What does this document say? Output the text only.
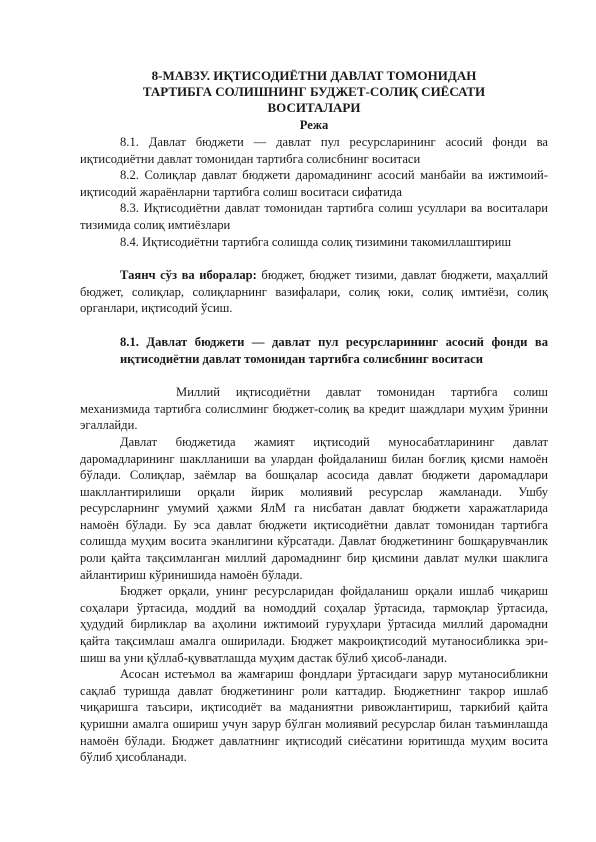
8-МАВЗУ. ИҚТИСОДИЁТНИ ДАВЛАТ ТОМОНИДАН
ТАРТИБГА СОЛИШНИНГ БУДЖЕТ-СОЛИҚ СИЁСАТИ
ВОСИТАЛАРИ
Режа

8.1. Давлат бюджети — давлат пул ресурсларининг асосий фонди ва иқтисодиётни давлат томонидан тартибга солисбнинг воситаси

8.2. Солиқлар давлат бюджети даромадининг асосий манбайи ва ижтимоий-иқтисодий жараёнларни тартибга солиш воситаси сифатида

8.3. Иқтисодиётни давлат томонидан тартибга солиш усуллари ва воситалари тизимида солиқ имтиёзлари

8.4. Иқтисодиётни тартибга солишда солиқ тизимини такомиллаштириш

Таянч сўз ва иборалар: бюджет, бюджет тизими, давлат бюджети, маҳаллий бюджет, солиқлар, солиқларнинг вазифалари, солиқ юки, солиқ имтиёзи, солиқ органлари, иқтисодий ўсиш.

8.1. Давлат бюджети — давлат пул ресурсларининг асосий фонди ва иқтисодиётни давлат томонидан тартибга солисбнинг воситаси

Миллий иқтисодиётни давлат томонидан тартибга солиш механизмида тартибга солислминг бюджет-солиқ ва кредит шаждлари муҳим ўринни эгаллайди.

Давлат бюджетида жамият иқтисодий муносабатларининг давлат даромадларининг шаклланиши ва улардан фойдаланиш билан боғлиқ қисми намоён бўлади. Солиқлар, заёмлар ва бошқалар асосида давлат бюджети даромадлари шакллантирилиши орқали йирик молиявий ресурслар жамланади. Ушбу ресурсларнинг умумий ҳажми ЯлМ га нисбатан давлат бюджети харажатларида намоён бўлади. Бу эса давлат бюджети иқтисодиётни давлат томонидан тартибга солишда муҳим восита эканлигини кўрсатади. Давлат бюджетининг бошқарувчанлик роли қайта тақсимланган миллий даромаднинг бир қисмини давлат мулки шаклига айлантириш кўринишида намоён бўлади.

Бюджет орқали, унинг ресурсларидан фойдаланиш орқали ишлаб чиқариш соҳалари ўртасида, моддий ва номоддий соҳалар ўртасида, тармоқлар ўртасида, ҳудудий бирликлар ва аҳолини ижтимоий гуруҳлари ўртасида миллий даромадни қайта тақсимлаш амалга оширилади. Бюджет макроиқтисодий мутаносибликка эри-шиш ва уни қўллаб-қувватлашда муҳим дастак бўлиб ҳисоб-ланади.

Асосан истеъмол ва жамғариш фондлари ўртасидаги зарур мутаносибликни сақлаб туришда давлат бюджетининг роли каттадир. Бюджетнинг такрор ишлаб чиқаришга таъсири, иқтисодиёт ва маданиятни ривожлантириш, таркибий қайта қуришни амалга ошириш учун зарур бўлган молиявий ресурслар билан таъминлашда намоён бўлади. Бюджет давлатнинг иқтисодий сиёсатини юритишда муҳим восита бўлиб ҳисобланади.
